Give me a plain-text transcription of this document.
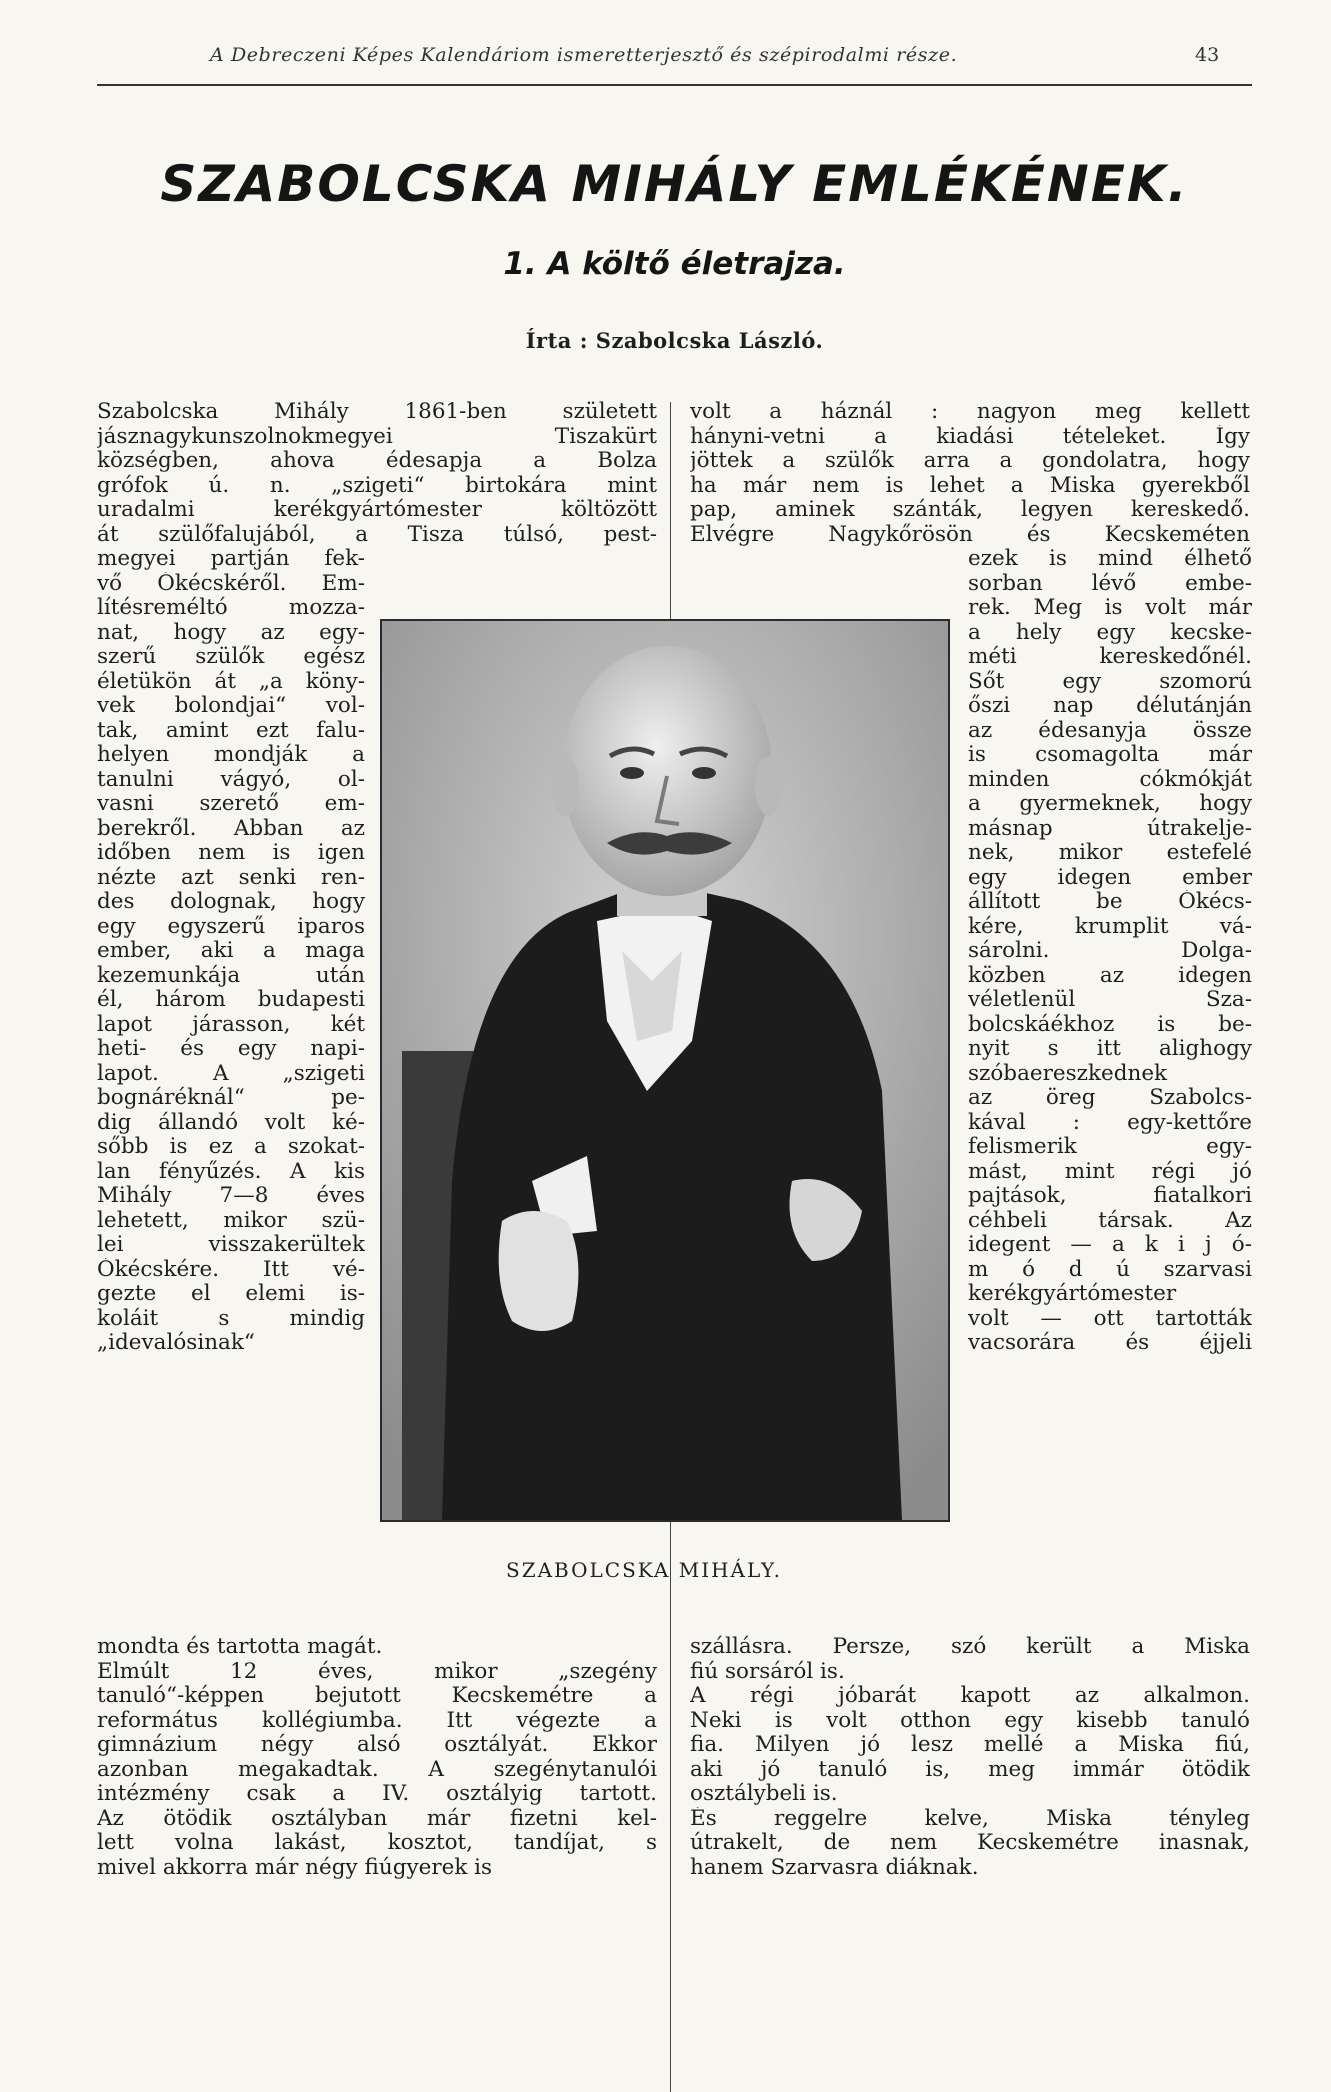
A Debreczeni Képes Kalendáriom ismeretterjesztő és szépirodalmi része.	43
SZABOLCSKA MIHÁLY EMLÉKÉNEK.
1. A költő életrajza.
Írta : Szabolcska László.
Szabolcska Mihály 1861-ben született
jásznagykunszolnokmegyei Tiszakürt
községben, ahova édesapja a Bolza
grófok ú. n. „szigeti“ birtokára mint
uradalmi kerékgyártómester költözött
át szülőfalujából, a Tisza túlsó, pest-
megyei partján fek-
vő Ókécskéről. Em-
lítésreméltó mozza-
nat, hogy az egy-
szerű szülők egész
életükön át „a köny-
vek bolondjai“ vol-
tak, amint ezt falu-
helyen mondják a
tanulni vágyó, ol-
vasni szerető em-
berekről. Abban az
időben nem is igen
nézte azt senki ren-
des dolognak, hogy
egy egyszerű iparos
ember, aki a maga
kezemunkája után
él, három budapesti
lapot járasson, két
heti- és egy napi-
lapot. A „szigeti
bognáréknál“ pe-
dig állandó volt ké-
sőbb is ez a szokat-
lan fényűzés. A kis
Mihály 7—8 éves
lehetett, mikor szü-
lei visszakerültek
Ókécskére. Itt vé-
gezte el elemi is-
koláit s mindig
„idevalósinak“
mondta és tartotta magát.
Elmúlt 12 éves, mikor „szegény
tanuló“-képpen bejutott Kecskemétre a
református kollégiumba. Itt végezte a
gimnázium négy alsó osztályát. Ekkor
azonban megakadtak. A szegénytanulói
intézmény csak a IV. osztályig tartott.
Az ötödik osztályban már fizetni kel-
lett volna lakást, kosztot, tandíjat, s
mivel akkorra már négy fiúgyerek is
volt a háznál : nagyon meg kellett
hányni-vetni a kiadási tételeket. Így
jöttek a szülők arra a gondolatra, hogy
ha már nem is lehet a Miska gyerekből
pap, aminek szánták, legyen kereskedő.
Elvégre Nagykőrösön és Kecskeméten
ezek is mind élhető
sorban lévő embe-
rek. Meg is volt már
a hely egy kecske-
méti kereskedőnél.
Sőt egy szomorú
őszi nap délutánján
az édesanyja össze
is csomagolta már
minden cókmókját
a gyermeknek, hogy
másnap útrakelje-
nek, mikor estefelé
egy idegen ember
állított be Ókécs-
kére, krumplit vá-
sárolni. Dolga-
közben az idegen
véletlenül Sza-
bolcskáékhoz is be-
nyit s itt alighogy
szóbaereszkednek
az öreg Szabolcs-
kával : egy-kettőre
felismerik egy-
mást, mint régi jó
pajtások, fiatalkori
céhbeli társak. Az
idegent — a k i j ó-
m ó d ú szarvasi
kerékgyártómester
volt — ott tartották
vacsorára és éjjeli
szállásra. Persze, szó került a Miska
fiú sorsáról is.
A régi jóbarát kapott az alkalmon.
Neki is volt otthon egy kisebb tanuló
fia. Milyen jó lesz mellé a Miska fiú,
aki jó tanuló is, meg immár ötödik
osztálybeli is.
És reggelre kelve, Miska tényleg
útrakelt, de nem Kecskemétre inasnak,
hanem Szarvasra diáknak.
SZABOLCSKA MIHÁLY.
